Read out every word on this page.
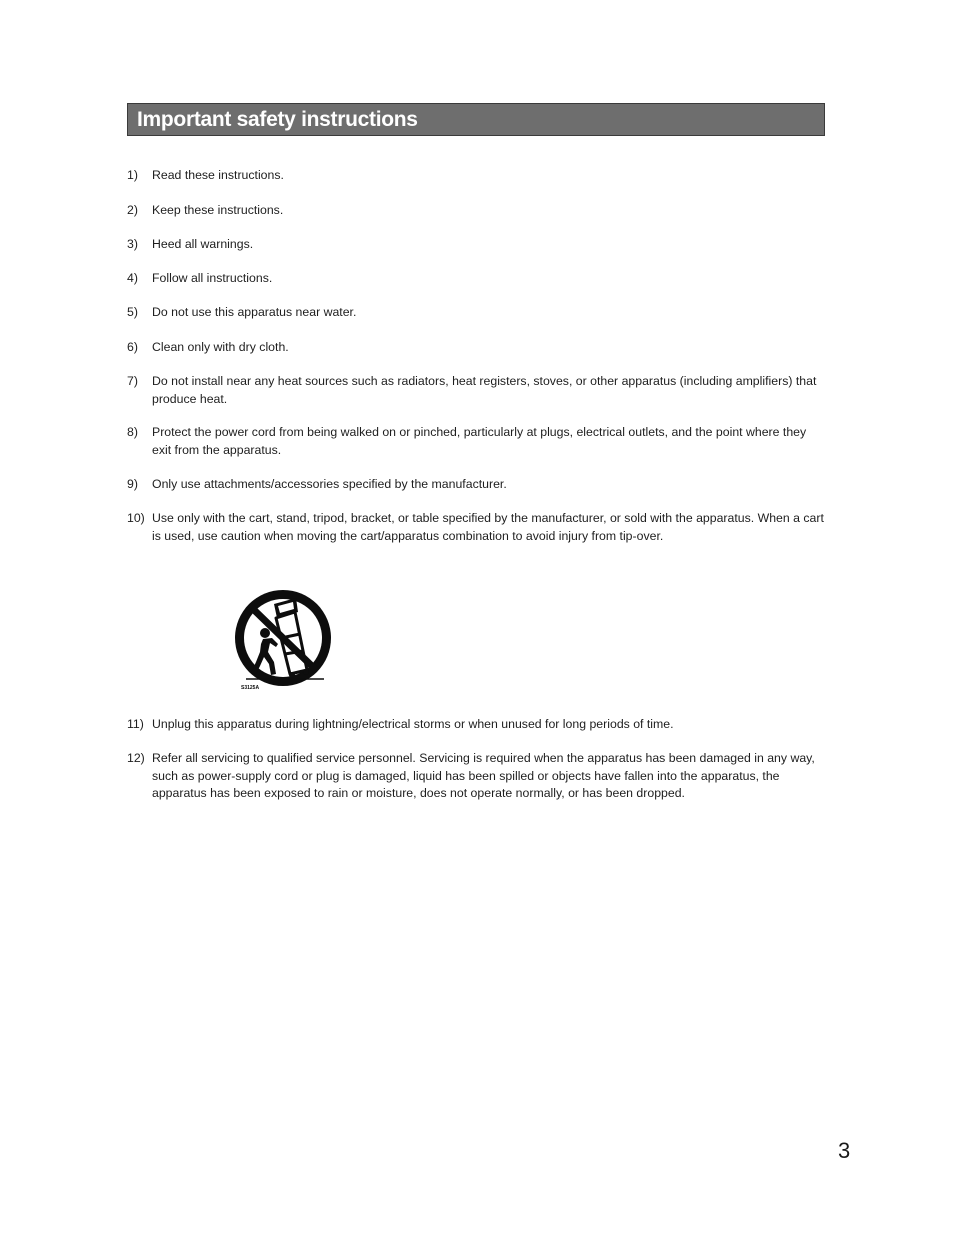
Important safety instructions
1) Read these instructions.
2) Keep these instructions.
3) Heed all warnings.
4) Follow all instructions.
5) Do not use this apparatus near water.
6) Clean only with dry cloth.
7) Do not install near any heat sources such as radiators, heat registers, stoves, or other apparatus (including amplifiers) that produce heat.
8) Protect the power cord from being walked on or pinched, particularly at plugs, electrical outlets, and the point where they exit from the apparatus.
9) Only use attachments/accessories specified by the manufacturer.
10) Use only with the cart, stand, tripod, bracket, or table specified by the manufacturer, or sold with the apparatus. When a cart is used, use caution when moving the cart/apparatus combination to avoid injury from tip-over.
S3125A
11) Unplug this apparatus during lightning/electrical storms or when unused for long periods of time.
12) Refer all servicing to qualified service personnel. Servicing is required when the apparatus has been damaged in any way, such as power-supply cord or plug is damaged, liquid has been spilled or objects have fallen into the apparatus, the apparatus has been exposed to rain or moisture, does not operate normally, or has been dropped.
3
